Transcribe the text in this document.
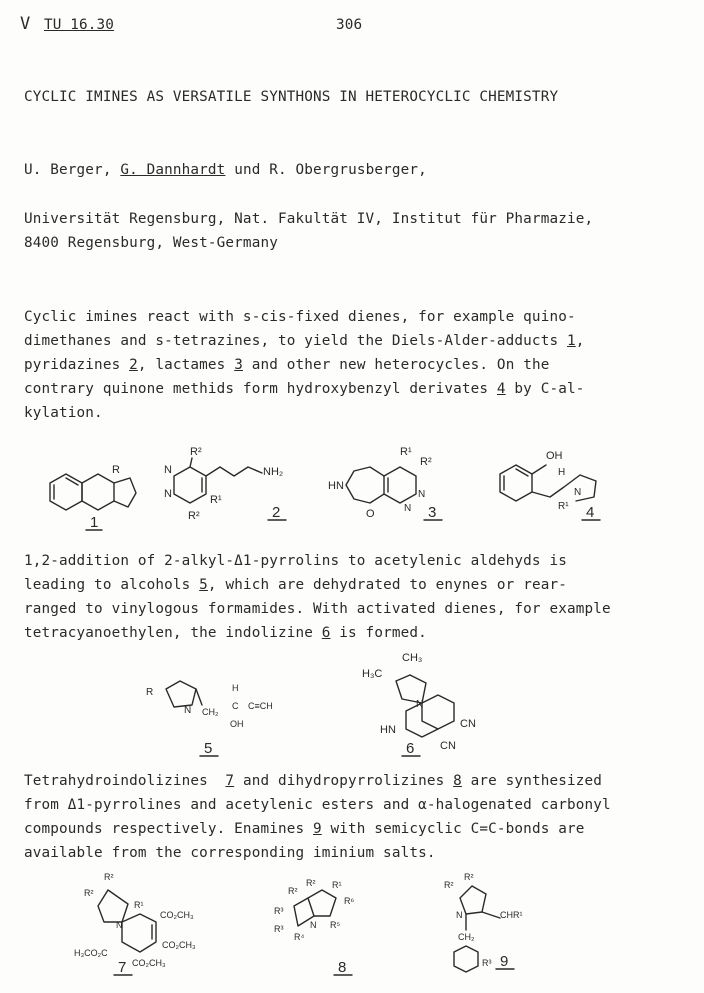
V TU 16.30	306
CYCLIC IMINES AS VERSATILE SYNTHONS IN HETEROCYCLIC CHEMISTRY
U. Berger, G. Dannhardt und R. Obergrusberger,
Universität Regensburg, Nat. Fakultät IV, Institut für Pharmazie,
8400 Regensburg, West-Germany
Cyclic imines react with s-cis-fixed dienes, for example quino-
dimethanes and s-tetrazines, to yield the Diels-Alder-adducts 1,
pyridazines 2, lactames 3 and other new heterocycles. On the
contrary quinone methids form hydroxybenzyl derivates 4 by C-al-
kylation.
R
1
R²
N
N
NH₂
R¹
R²	2
R¹
R²
HN
N
N
O	3
OH
H
N
R¹ 4
1,2-addition of 2-alkyl-Δ1-pyrrolins to acetylenic aldehyds is
leading to alcohols 5, which are dehydrated to enynes or rear-
ranged to vinylogous formamides. With activated dienes, for example
tetracyanoethylen, the indolizine 6 is formed.
R
N CH₂
H
C
OH
C≡CH
5
CH₃
H₃C
N
HN	CN
CN
6
Tetrahydroindolizines  7 and dihydropyrrolizines 8 are synthesized
from Δ1-pyrrolines and acetylenic esters and α-halogenated carbonyl
compounds respectively. Enamines 9 with semicyclic C=C-bonds are
available from the corresponding iminium salts.
R²
R²
R¹
N
CO₂CH₃
CO₂CH₃
H₃CO₂C
CO₂CH₃
7
R²
R² R¹
R³
R³	N
R⁴
R⁵
R⁶
8
R²
R²
N	CHR¹
CH₂
R³ 9
